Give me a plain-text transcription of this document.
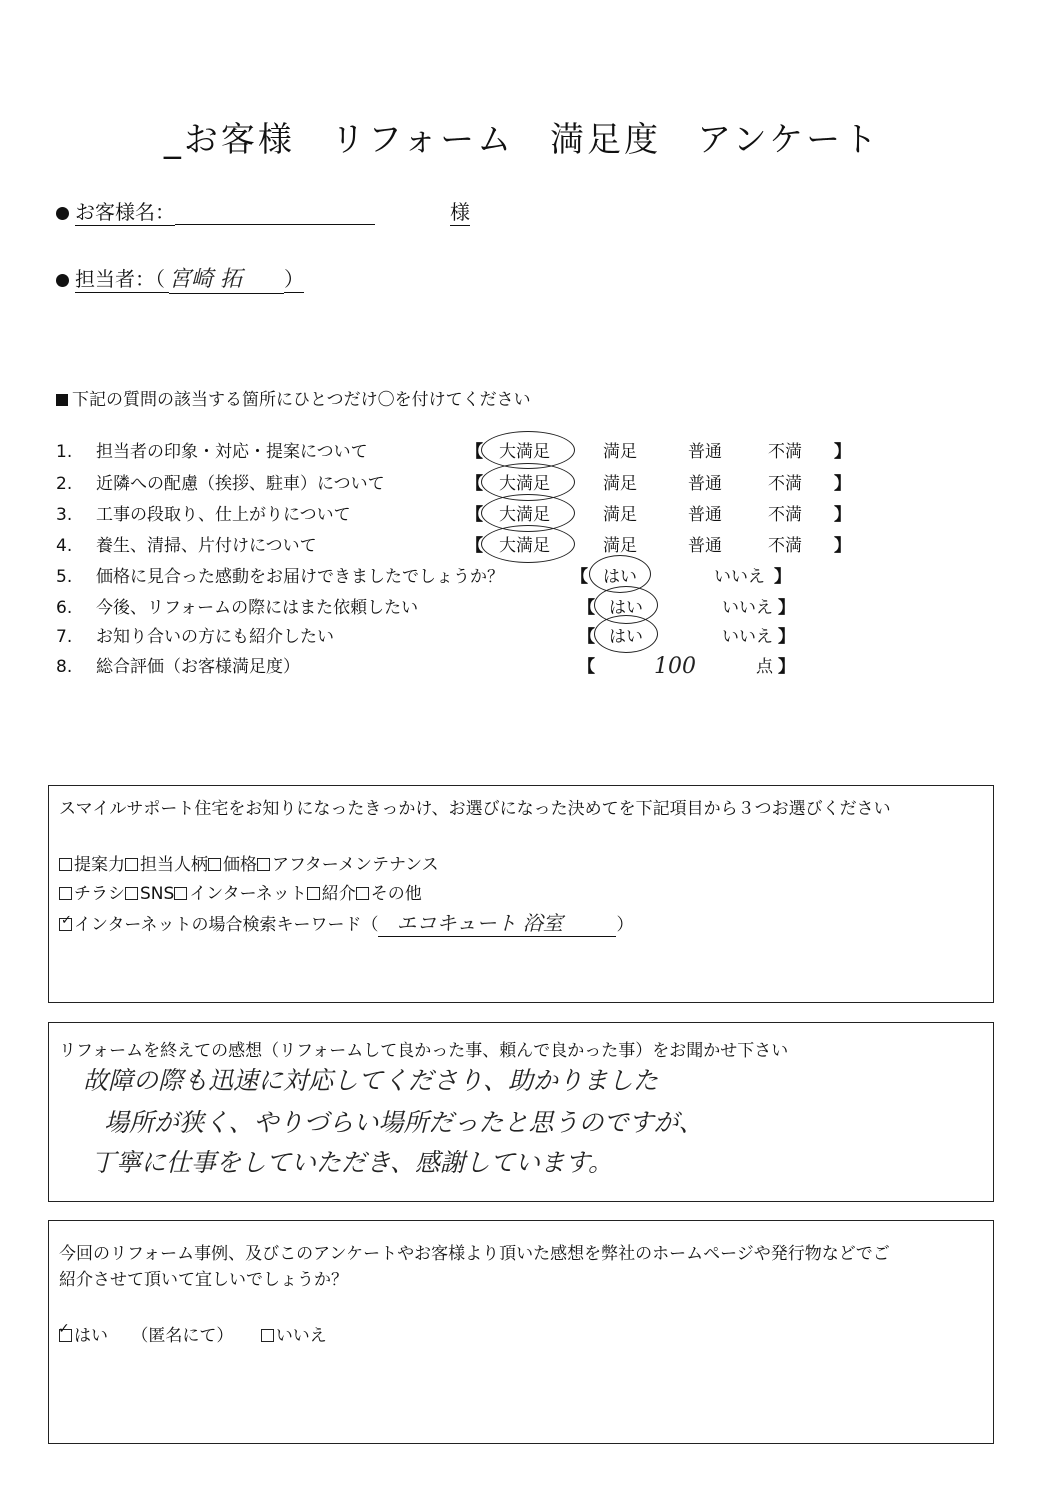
_お客様 リフォーム 満足度 アンケート
お客様名：	様
担当者：（ 宮崎 拓 ）
下記の質問の該当する箇所にひとつだけ〇を付けてください
1.	担当者の印象・対応・提案について	【 大満足	満足	普通	不満 】
2.	近隣への配慮（挨拶、駐車）について	【 大満足	満足	普通	不満 】
3.	工事の段取り、仕上がりについて	【 大満足	満足	普通	不満 】
4.	養生、清掃、片付けについて	【 大満足	満足	普通	不満 】
5.	価格に見合った感動をお届けできましたでしょうか？	【 はい	いいえ 】
6.	今後、リフォームの際にはまた依頼したい	【 はい	いいえ 】
7.	お知り合いの方にも紹介したい	【 はい	いいえ 】
8.	総合評価（お客様満足度）	【	100	点 】

スマイルサポート住宅をお知りになったきっかけ、お選びになった決めてを下記項目から３つお選びください

提案力 担当人柄 価格 アフターメンテナンス

チラシ SNS インターネット 紹介 その他

✓ インターネットの場合検索キーワード（ エコキュート 浴室	）

リフォームを終えての感想（リフォームして良かった事、頼んで良かった事）をお聞かせ下さい

故障の際も迅速に対応してくださり、助かりました
場所が狭く、やりづらい場所だったと思うのですが、
丁寧に仕事をしていただき、感謝しています。

今回のリフォーム事例、及びこのアンケートやお客様より頂いた感想を弊社のホームページや発行物などでご

紹介させて頂いて宜しいでしょうか？

✓ はい （匿名にて） いいえ
